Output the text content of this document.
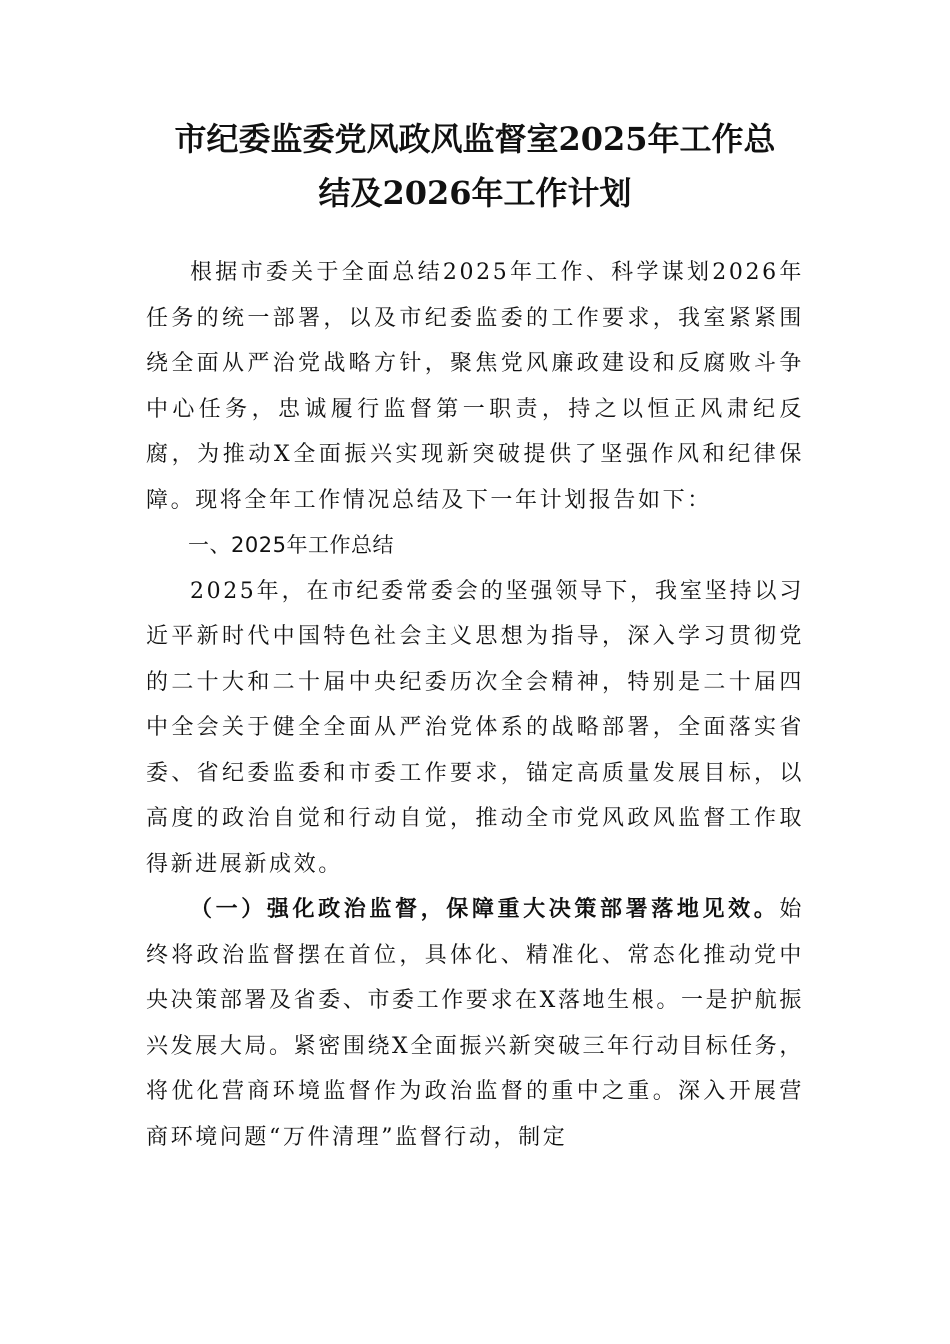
市纪委监委党风政风监督室2025年工作总
结及2026年工作计划

根据市委关于全面总结2025年工作、科学谋划2026年任务的统一部署，以及市纪委监委的工作要求，我室紧紧围绕全面从严治党战略方针，聚焦党风廉政建设和反腐败斗争中心任务，忠诚履行监督第一职责，持之以恒正风肃纪反腐，为推动X全面振兴实现新突破提供了坚强作风和纪律保障。现将全年工作情况总结及下一年计划报告如下：

一、2025年工作总结

2025年，在市纪委常委会的坚强领导下，我室坚持以习近平新时代中国特色社会主义思想为指导，深入学习贯彻党的二十大和二十届中央纪委历次全会精神，特别是二十届四中全会关于健全全面从严治党体系的战略部署，全面落实省委、省纪委监委和市委工作要求，锚定高质量发展目标，以高度的政治自觉和行动自觉，推动全市党风政风监督工作取得新进展新成效。

（一）强化政治监督，保障重大决策部署落地见效。始终将政治监督摆在首位，具体化、精准化、常态化推动党中央决策部署及省委、市委工作要求在X落地生根。一是护航振兴发展大局。紧密围绕X全面振兴新突破三年行动目标任务，将优化营商环境监督作为政治监督的重中之重。深入开展营商环境问题“万件清理”监督行动，制定
